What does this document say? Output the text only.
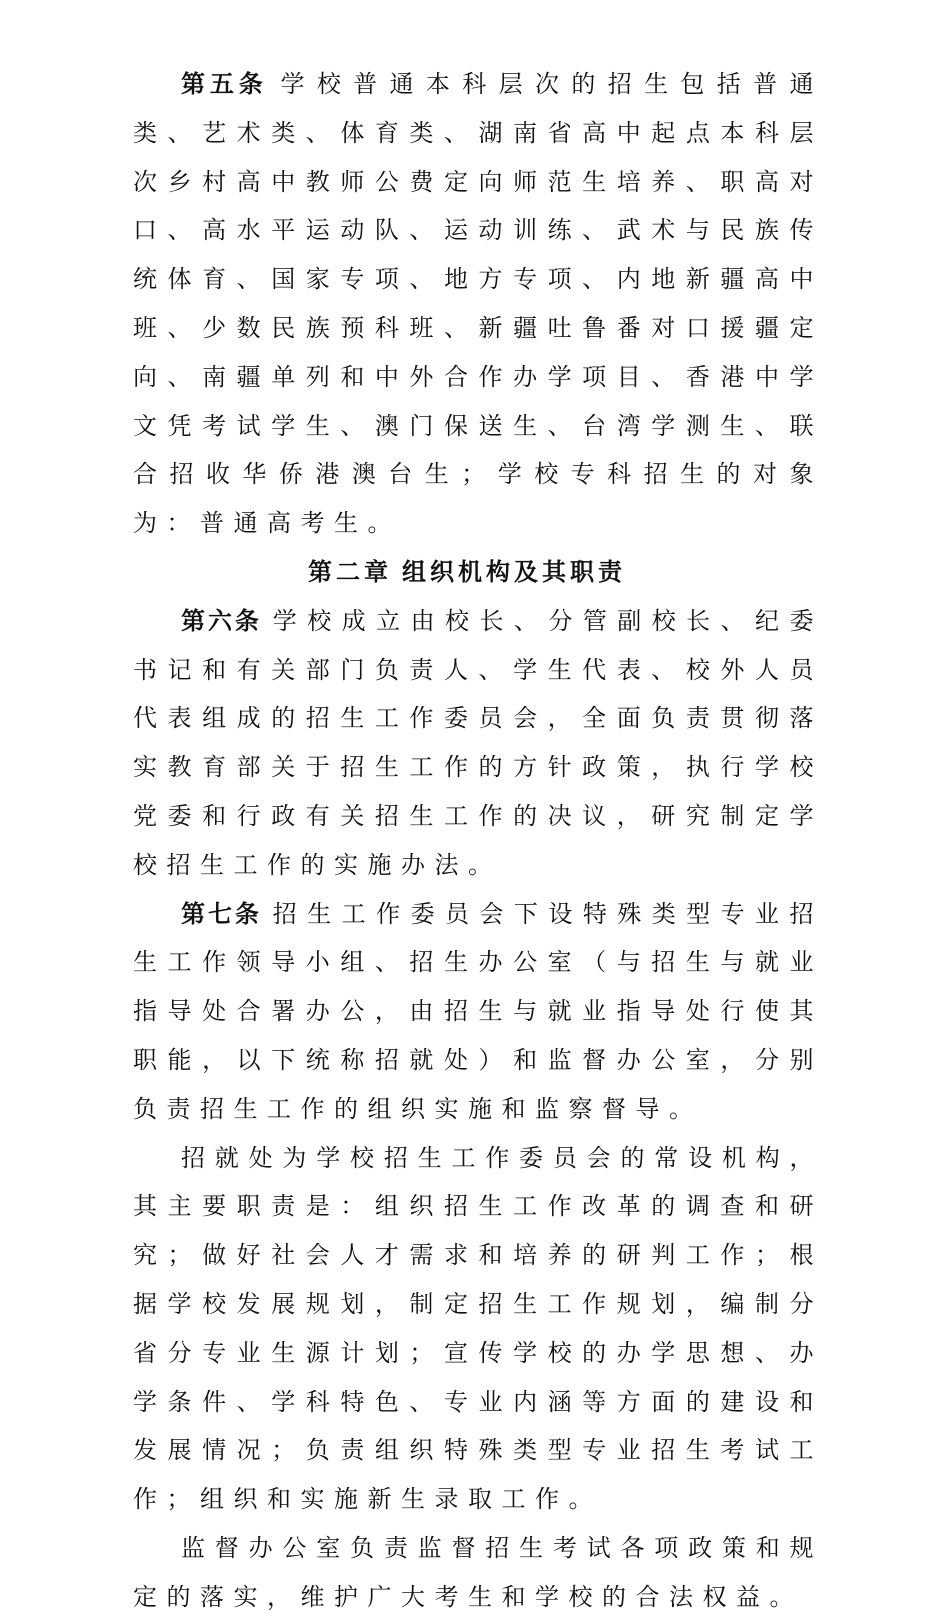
第五条 学校普通本科层次的招生包括普通类、艺术类、体育类、湖南省高中起点本科层次乡村高中教师公费定向师范生培养、职高对口、高水平运动队、运动训练、武术与民族传统体育、国家专项、地方专项、内地新疆高中班、少数民族预科班、新疆吐鲁番对口援疆定向、南疆单列和中外合作办学项目、香港中学文凭考试学生、澳门保送生、台湾学测生、联合招收华侨港澳台生；学校专科招生的对象为：普通高考生。

第二章 组织机构及其职责

第六条 学校成立由校长、分管副校长、纪委书记和有关部门负责人、学生代表、校外人员代表组成的招生工作委员会，全面负责贯彻落实教育部关于招生工作的方针政策，执行学校党委和行政有关招生工作的决议，研究制定学校招生工作的实施办法。

第七条 招生工作委员会下设特殊类型专业招生工作领导小组、招生办公室（与招生与就业指导处合署办公，由招生与就业指导处行使其职能，以下统称招就处）和监督办公室，分别负责招生工作的组织实施和监察督导。

招就处为学校招生工作委员会的常设机构，其主要职责是：组织招生工作改革的调查和研究；做好社会人才需求和培养的研判工作；根据学校发展规划，制定招生工作规划，编制分省分专业生源计划；宣传学校的办学思想、办学条件、学科特色、专业内涵等方面的建设和发展情况；负责组织特殊类型专业招生考试工作；组织和实施新生录取工作。

监督办公室负责监督招生考试各项政策和规定的落实，维护广大考生和学校的合法权益。
